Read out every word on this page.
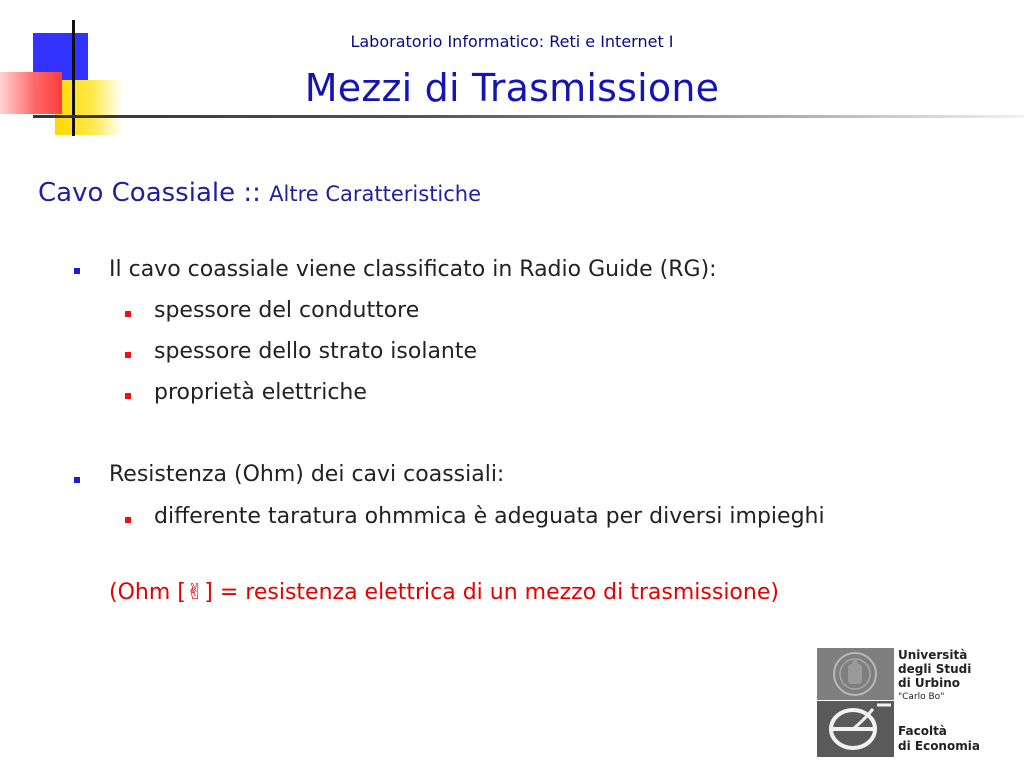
Laboratorio Informatico: Reti e Internet I
Mezzi di Trasmissione
Cavo Coassiale :: Altre Caratteristiche
Il cavo coassiale viene classificato in Radio Guide (RG):
spessore del conduttore
spessore dello strato isolante
proprietà elettriche
Resistenza (Ohm) dei cavi coassiali:
differente taratura ohmmica è adeguata per diversi impieghi
(Ohm [✌] = resistenza elettrica di un mezzo di trasmissione)
Università
degli Studi
di Urbino
"Carlo Bo"
Facoltà
di Economia
